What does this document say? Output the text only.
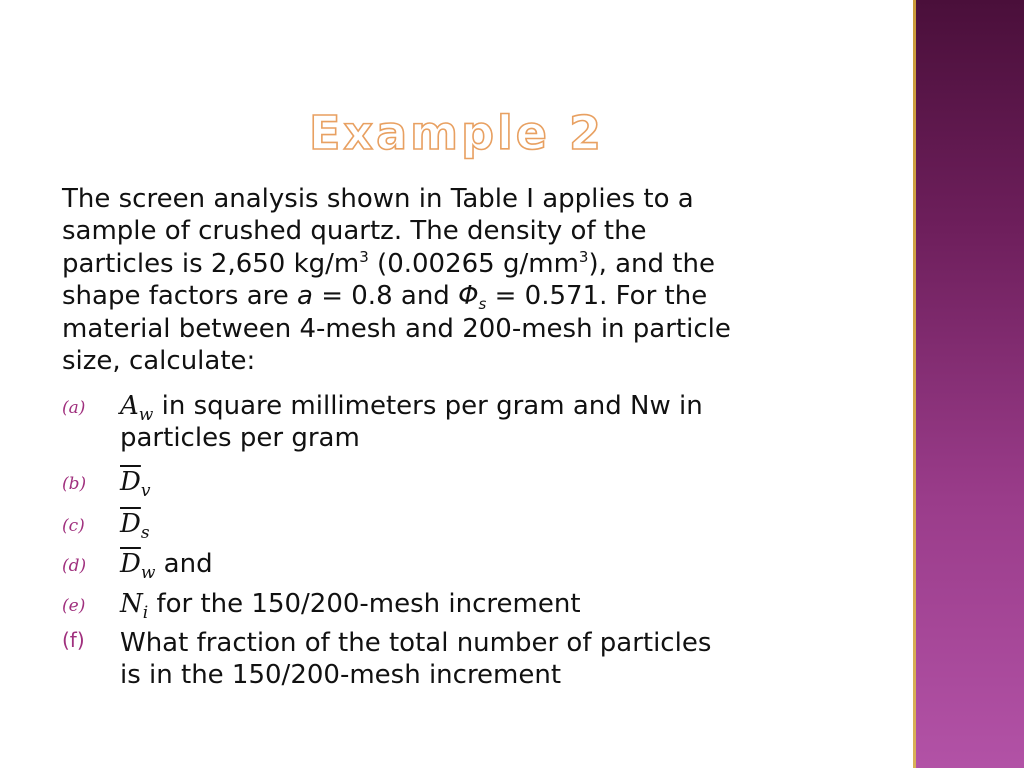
Example 2

The screen analysis shown in Table I applies to a

sample of crushed quartz. The density of the

particles is 2,650 $kg/m^3$ (0.00265 $g/mm^3$), and the

shape factors are a = 0.8 and Φs = 0.571. For the

material between 4-mesh and 200-mesh in particle

size, calculate:

(a) $A_w$ in square millimeters per gram and Nw in

particles per gram

(b) $\overline{D}_v$

(c) $\overline{D}_s$

(d) $\overline{D}_w$ and

(e) $N_i$ for the 150/200-mesh increment

(f) What fraction of the total number of particles

is in the 150/200-mesh increment
